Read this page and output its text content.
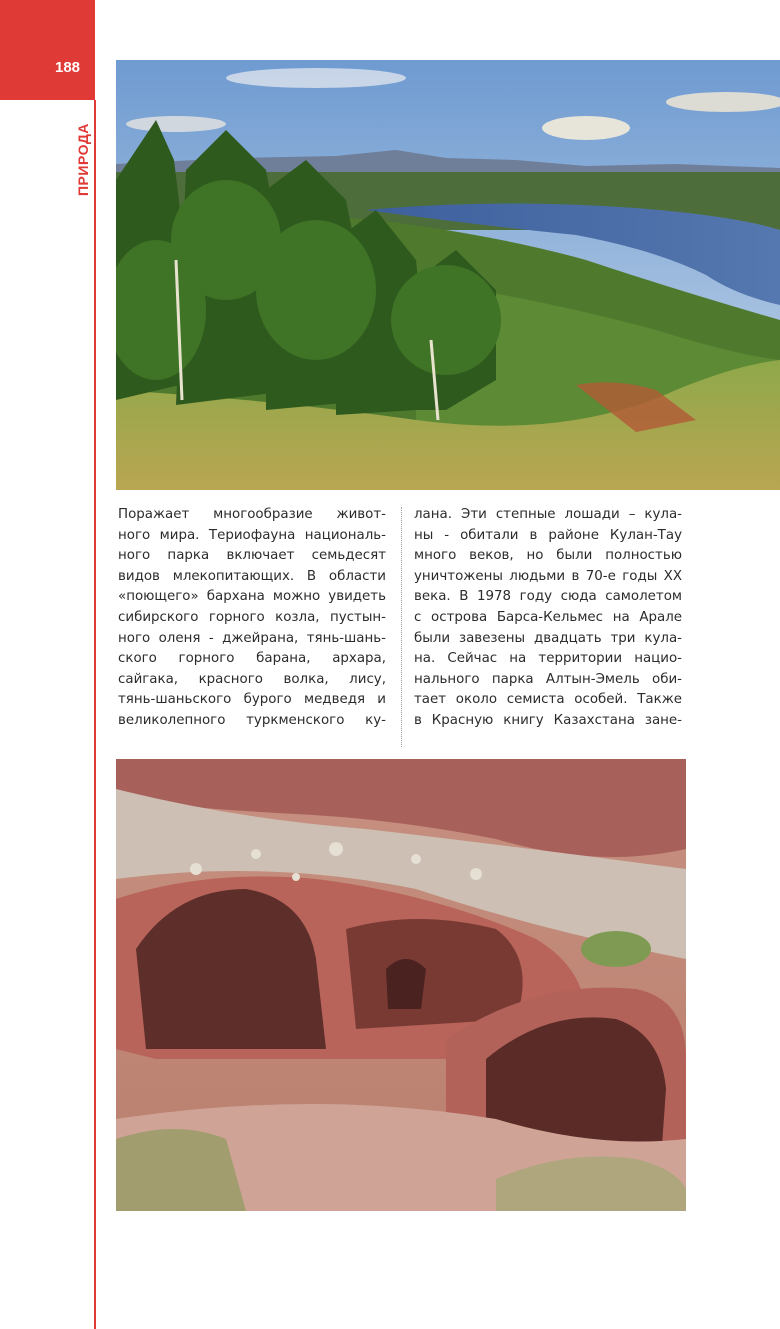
188
ПРИРОДА
Поражает многообразие живот-
ного мира. Териофауна националь-
ного парка включает семьдесят
видов млекопитающих. В области
«поющего» бархана можно увидеть
сибирского горного козла, пустын-
ного оленя - джейрана, тянь-шань-
ского горного барана, архара,
сайгака, красного волка, лису,
тянь-шаньского бурого медведя и
великолепного туркменского ку-
лана. Эти степные лошади – кула-
ны - обитали в районе Кулан-Тау
много веков, но были полностью
уничтожены людьми в 70-е годы XX
века. В 1978 году сюда самолетом
с острова Барса-Кельмес на Арале
были завезены двадцать три кула-
на. Сейчас на территории нацио-
нального парка Алтын-Эмель оби-
тает около семиста особей. Также
в Красную книгу Казахстана зане-
